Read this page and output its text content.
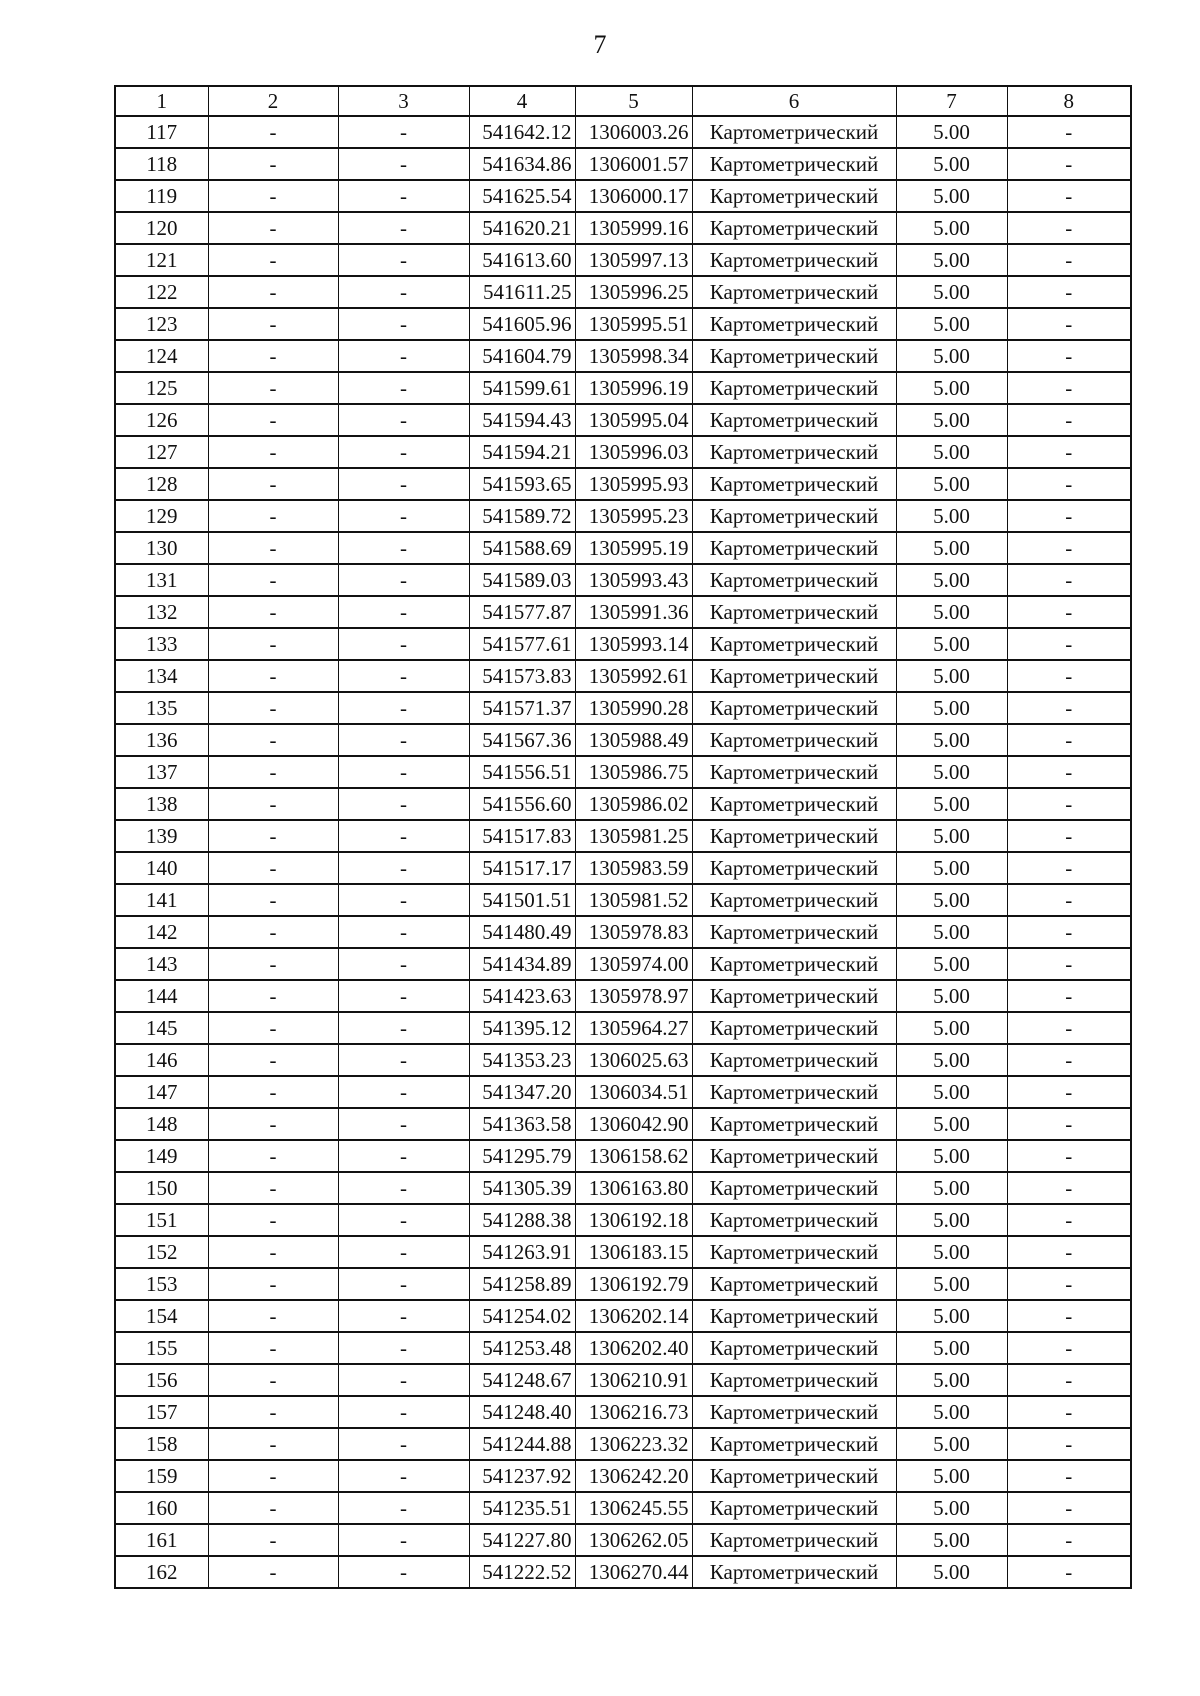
7
1	2	3	4	5	6	7	8
117	-	-	541642.12	1306003.26	Картометрический	5.00	-
118	-	-	541634.86	1306001.57	Картометрический	5.00	-
119	-	-	541625.54	1306000.17	Картометрический	5.00	-
120	-	-	541620.21	1305999.16	Картометрический	5.00	-
121	-	-	541613.60	1305997.13	Картометрический	5.00	-
122	-	-	541611.25	1305996.25	Картометрический	5.00	-
123	-	-	541605.96	1305995.51	Картометрический	5.00	-
124	-	-	541604.79	1305998.34	Картометрический	5.00	-
125	-	-	541599.61	1305996.19	Картометрический	5.00	-
126	-	-	541594.43	1305995.04	Картометрический	5.00	-
127	-	-	541594.21	1305996.03	Картометрический	5.00	-
128	-	-	541593.65	1305995.93	Картометрический	5.00	-
129	-	-	541589.72	1305995.23	Картометрический	5.00	-
130	-	-	541588.69	1305995.19	Картометрический	5.00	-
131	-	-	541589.03	1305993.43	Картометрический	5.00	-
132	-	-	541577.87	1305991.36	Картометрический	5.00	-
133	-	-	541577.61	1305993.14	Картометрический	5.00	-
134	-	-	541573.83	1305992.61	Картометрический	5.00	-
135	-	-	541571.37	1305990.28	Картометрический	5.00	-
136	-	-	541567.36	1305988.49	Картометрический	5.00	-
137	-	-	541556.51	1305986.75	Картометрический	5.00	-
138	-	-	541556.60	1305986.02	Картометрический	5.00	-
139	-	-	541517.83	1305981.25	Картометрический	5.00	-
140	-	-	541517.17	1305983.59	Картометрический	5.00	-
141	-	-	541501.51	1305981.52	Картометрический	5.00	-
142	-	-	541480.49	1305978.83	Картометрический	5.00	-
143	-	-	541434.89	1305974.00	Картометрический	5.00	-
144	-	-	541423.63	1305978.97	Картометрический	5.00	-
145	-	-	541395.12	1305964.27	Картометрический	5.00	-
146	-	-	541353.23	1306025.63	Картометрический	5.00	-
147	-	-	541347.20	1306034.51	Картометрический	5.00	-
148	-	-	541363.58	1306042.90	Картометрический	5.00	-
149	-	-	541295.79	1306158.62	Картометрический	5.00	-
150	-	-	541305.39	1306163.80	Картометрический	5.00	-
151	-	-	541288.38	1306192.18	Картометрический	5.00	-
152	-	-	541263.91	1306183.15	Картометрический	5.00	-
153	-	-	541258.89	1306192.79	Картометрический	5.00	-
154	-	-	541254.02	1306202.14	Картометрический	5.00	-
155	-	-	541253.48	1306202.40	Картометрический	5.00	-
156	-	-	541248.67	1306210.91	Картометрический	5.00	-
157	-	-	541248.40	1306216.73	Картометрический	5.00	-
158	-	-	541244.88	1306223.32	Картометрический	5.00	-
159	-	-	541237.92	1306242.20	Картометрический	5.00	-
160	-	-	541235.51	1306245.55	Картометрический	5.00	-
161	-	-	541227.80	1306262.05	Картометрический	5.00	-
162	-	-	541222.52	1306270.44	Картометрический	5.00	-
